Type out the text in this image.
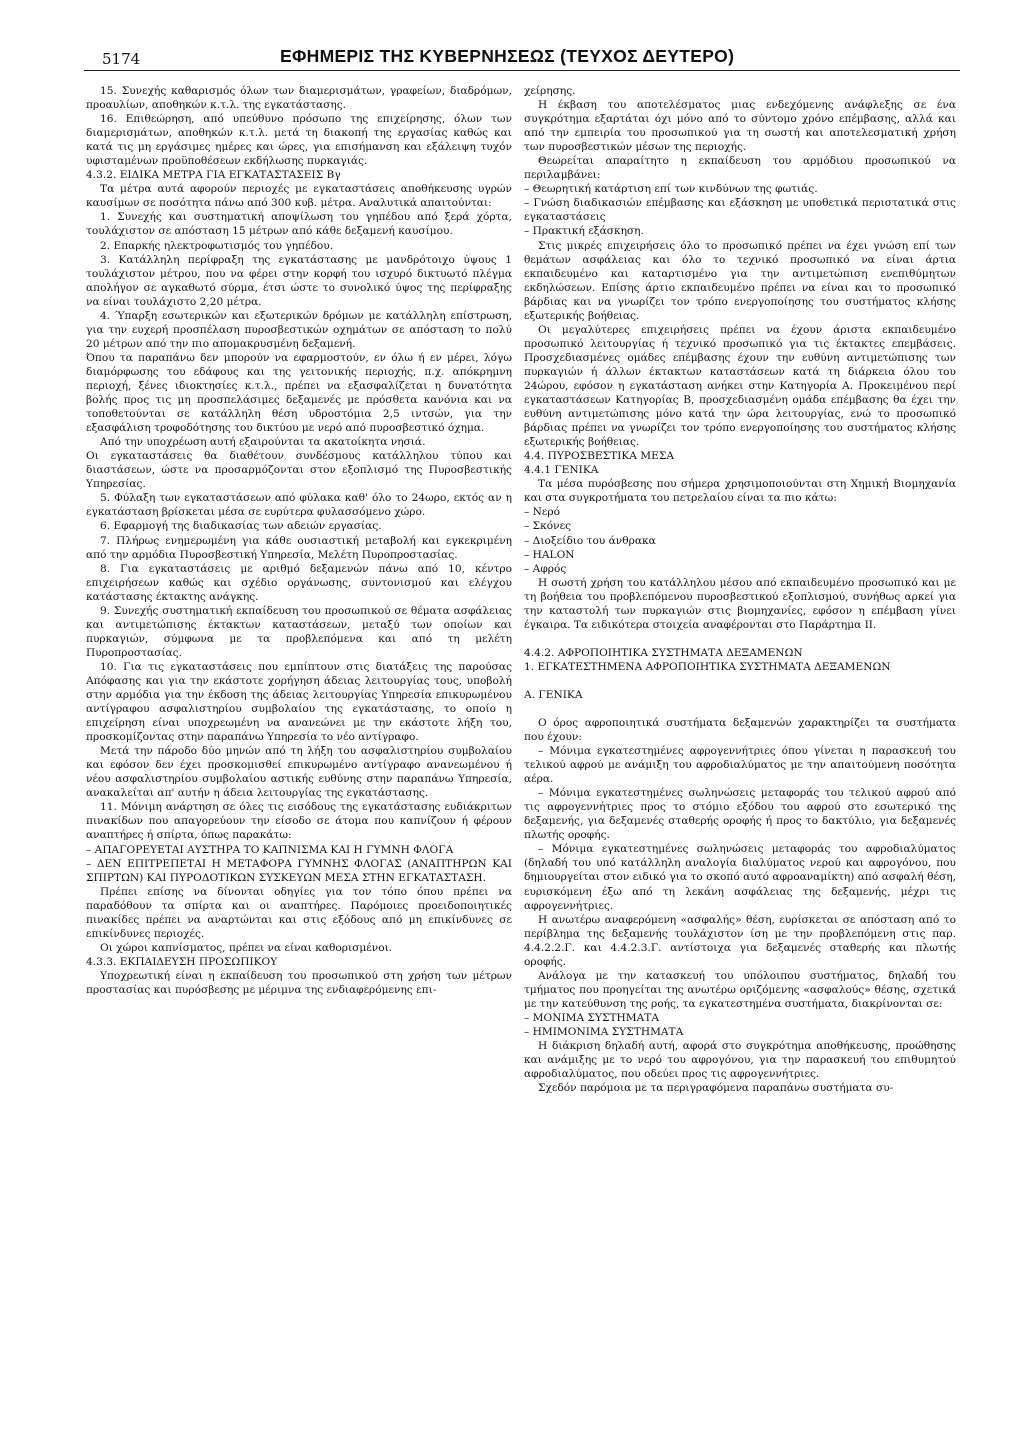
5174	ΕΦΗΜΕΡΙΣ ΤΗΣ ΚΥΒΕΡΝΗΣΕΩΣ (ΤΕΥΧΟΣ ΔΕΥΤΕΡΟ)

15. Συνεχής καθαρισμός όλων των διαμερισμάτων, γραφείων, διαδρόμων, προαυλίων, αποθηκών κ.τ.λ. της εγκατάστασης.

16. Επιθεώρηση, από υπεύθυνο πρόσωπο της επιχείρησης, όλων των διαμερισμάτων, αποθηκών κ.τ.λ. μετά τη διακοπή της εργασίας καθώς και κατά τις μη εργάσιμες ημέρες και ώρες, για επισήμανση και εξάλειψη τυχόν υφισταμένων προϋποθέσεων εκδήλωσης πυρκαγιάς.

4.3.2. ΕΙΔΙΚΑ ΜΕΤΡΑ ΓΙΑ ΕΓΚΑΤΑΣΤΑΣΕΙΣ Βγ

Τα μέτρα αυτά αφορούν περιοχές με εγκαταστάσεις αποθήκευσης υγρών καυσίμων σε ποσότητα πάνω από 300 κυβ. μέτρα. Αναλυτικά απαιτούνται:

1. Συνεχής και συστηματική αποψίλωση του γηπέδου από ξερά χόρτα, τουλάχιστον σε απόσταση 15 μέτρων από κάθε δεξαμενή καυσίμου.

2. Επαρκής ηλεκτροφωτισμός του γηπέδου.

3. Κατάλληλη περίφραξη της εγκατάστασης με μανδρότοιχο ύψους 1 τουλάχιστον μέτρου, που να φέρει στην κορφή του ισχυρό δικτυωτό πλέγμα απολήγον σε αγκαθωτό σύρμα, έτσι ώστε το συνολικό ύψος της περίφραξης να είναι τουλάχιστο 2,20 μέτρα.

4. Ύπαρξη εσωτερικών και εξωτερικών δρόμων με κατάλληλη επίστρωση, για την ευχερή προσπέλαση πυροσβεστικών οχημάτων σε απόσταση το πολύ 20 μέτρων από την πιο απομακρυσμένη δεξαμενή.

Όπου τα παραπάνω δεν μπορούν να εφαρμοστούν, εν όλω ή εν μέρει, λόγω διαμόρφωσης του εδάφους και της γειτονικής περιοχής, π.χ. απόκρημνη περιοχή, ξένες ιδιοκτησίες κ.τ.λ., πρέπει να εξασφαλίζεται η δυνατότητα βολής προς τις μη προσπελάσιμες δεξαμενές με πρόσθετα κανόνια και να τοποθετούνται σε κατάλληλη θέση υδροστόμια 2,5 ιντσών, για την εξασφάλιση τροφοδότησης του δικτύου με νερό από πυροσβεστικό όχημα.

Από την υποχρέωση αυτή εξαιρούνται τα ακατοίκητα νησιά.

Οι εγκαταστάσεις θα διαθέτουν συνδέσμους κατάλληλου τύπου και διαστάσεων, ώστε να προσαρμόζονται στον εξοπλισμό της Πυροσβεστικής Υπηρεσίας.

5. Φύλαξη των εγκαταστάσεων από φύλακα καθ' όλο το 24ωρο, εκτός αν η εγκατάσταση βρίσκεται μέσα σε ευρύτερα φυλασσόμενο χώρο.

6. Εφαρμογή της διαδικασίας των αδειών εργασίας.

7. Πλήρως ενημερωμένη για κάθε ουσιαστική μεταβολή και εγκεκριμένη από την αρμόδια Πυροσβεστική Υπηρεσία, Μελέτη Πυροπροστασίας.

8. Για εγκαταστάσεις με αριθμό δεξαμενών πάνω από 10, κέντρο επιχειρήσεων καθώς και σχέδιο οργάνωσης, συντονισμού και ελέγχου κατάστασης έκτακτης ανάγκης.

9. Συνεχής συστηματική εκπαίδευση του προσωπικού σε θέματα ασφάλειας και αντιμετώπισης έκτακτων καταστάσεων, μεταξύ των οποίων και πυρκαγιών, σύμφωνα με τα προβλεπόμενα και από τη μελέτη Πυροπροστασίας.

10. Για τις εγκαταστάσεις που εμπίπτουν στις διατάξεις της παρούσας Απόφασης και για την εκάστοτε χορήγηση άδειας λειτουργίας τους, υποβολή στην αρμόδια για την έκδοση της άδειας λειτουργίας Υπηρεσία επικυρωμένου αντίγραφου ασφαλιστηρίου συμβολαίου της εγκατάστασης, το οποίο η επιχείρηση είναι υποχρεωμένη να ανανεώνει με την εκάστοτε λήξη του, προσκομίζοντας στην παραπάνω Υπηρεσία το νέο αντίγραφο.

Μετά την πάροδο δύο μηνών από τη λήξη του ασφαλιστηρίου συμβολαίου και εφόσον δεν έχει προσκομισθεί επικυρωμένο αντίγραφο ανανεωμένου ή νέου ασφαλιστηρίου συμβολαίου αστικής ευθύνης στην παραπάνω Υπηρεσία, ανακαλείται απ' αυτήν η άδεια λειτουργίας της εγκατάστασης.

11. Μόνιμη ανάρτηση σε όλες τις εισόδους της εγκατάστασης ευδιάκριτων πινακίδων που απαγορεύουν την είσοδο σε άτομα που καπνίζουν ή φέρουν αναπτήρες ή σπίρτα, όπως παρακάτω:

– ΑΠΑΓΟΡΕΥΕΤΑΙ ΑΥΣΤΗΡΑ ΤΟ ΚΑΠΝΙΣΜΑ ΚΑΙ Η ΓΥΜΝΗ ΦΛΟΓΑ

– ΔΕΝ ΕΠΙΤΡΕΠΕΤΑΙ Η ΜΕΤΑΦΟΡΑ ΓΥΜΝΗΣ ΦΛΟΓΑΣ (ΑΝΑΠΤΗΡΩΝ ΚΑΙ ΣΠΙΡΤΩΝ) ΚΑΙ ΠΥΡΟΔΟΤΙΚΩΝ ΣΥΣΚΕΥΩΝ ΜΕΣΑ ΣΤΗΝ ΕΓΚΑΤΑΣΤΑΣΗ.

Πρέπει επίσης να δίνονται οδηγίες για τον τόπο όπου πρέπει να παραδόθουν τα σπίρτα και οι αναπτήρες. Παρόμοιες προειδοποιητικές πινακίδες πρέπει να αναρτώνται και στις εξόδους από μη επικίνδυνες σε επικίνδυνες περιοχές.

Οι χώροι καπνίσματος, πρέπει να είναι καθορισμένοι.

4.3.3. ΕΚΠΑΙΔΕΥΣΗ ΠΡΟΣΩΠΙΚΟΥ

Υποχρεωτική είναι η εκπαίδευση του προσωπικού στη χρήση των μέτρων προστασίας και πυρόσβεσης με μέριμνα της ενδιαφερόμενης επι-

χείρησης.

Η έκβαση του αποτελέσματος μιας ενδεχόμενης ανάφλεξης σε ένα συγκρότημα εξαρτάται όχι μόνο από το σύντομο χρόνο επέμβασης, αλλά και από την εμπειρία του προσωπικού για τη σωστή και αποτελεσματική χρήση των πυροσβεστικών μέσων της περιοχής.

Θεωρείται απαραίτητο η εκπαίδευση του αρμόδιου προσωπικού να περιλαμβάνει:

– Θεωρητική κατάρτιση επί των κινδύνων της φωτιάς.

– Γνώση διαδικασιών επέμβασης και εξάσκηση με υποθετικά περιστατικά στις εγκαταστάσεις

– Πρακτική εξάσκηση.

Στις μικρές επιχειρήσεις όλο το προσωπικό πρέπει να έχει γνώση επί των θεμάτων ασφάλειας και όλο το τεχνικό προσωπικό να είναι άρτια εκπαιδευμένο και καταρτισμένο για την αντιμετώπιση ενεπιθύμητων εκδηλώσεων. Επίσης άρτιο εκπαιδευμένο πρέπει να είναι και το προσωπικό βάρδιας και να γνωρίζει τον τρόπο ενεργοποίησης του συστήματος κλήσης εξωτερικής βοήθειας.

Οι μεγαλύτερες επιχειρήσεις πρέπει να έχουν άριστα εκπαιδευμένο προσωπικό λειτουργίας ή τεχνικό προσωπικό για τις έκτακτες επεμβάσεις. Προσχεδιασμένες ομάδες επέμβασης έχουν την ευθύνη αντιμετώπισης των πυρκαγιών ή άλλων έκτακτων καταστάσεων κατά τη διάρκεια όλου του 24ώρου, εφόσον η εγκατάσταση ανήκει στην Κατηγορία Α. Προκειμένου περί εγκαταστάσεων Κατηγορίας Β, προσχεδιασμένη ομάδα επέμβασης θα έχει την ευθύνη αντιμετώπισης μόνο κατά την ώρα λειτουργίας, ενώ το προσωπικό βάρδιας πρέπει να γνωρίζει τον τρόπο ενεργοποίησης του συστήματος κλήσης εξωτερικής βοήθειας.

4.4. ΠΥΡΟΣΒΕΣΤΙΚΑ ΜΕΣΑ

4.4.1 ΓΕΝΙΚΑ

Τα μέσα πυρόσβεσης που σήμερα χρησιμοποιούνται στη Χημική Βιομηχανία και στα συγκροτήματα του πετρελαίου είναι τα πιο κάτω:

– Νερό

– Σκόνες

– Διοξείδιο του άνθρακα

– HALON

– Αφρός

Η σωστή χρήση του κατάλληλου μέσου από εκπαιδευμένο προσωπικό και με τη βοήθεια του προβλεπόμενου πυροσβεστικού εξοπλισμού, συνήθως αρκεί για την καταστολή των πυρκαγιών στις βιομηχανίες, εφόσον η επέμβαση γίνει έγκαιρα. Τα ειδικότερα στοιχεία αναφέρονται στο Παράρτημα ΙΙ.

4.4.2. ΑΦΡΟΠΟΙΗΤΙΚΑ ΣΥΣΤΗΜΑΤΑ ΔΕΞΑΜΕΝΩΝ

1. ΕΓΚΑΤΕΣΤΗΜΕΝΑ ΑΦΡΟΠΟΙΗΤΙΚΑ ΣΥΣΤΗΜΑΤΑ ΔΕΞΑΜΕΝΩΝ

Α. ΓΕΝΙΚΑ

Ο όρος αφροποιητικά συστήματα δεξαμενών χαρακτηρίζει τα συστήματα που έχουν:

– Μόνιμα εγκατεστημένες αφρογεννήτριες όπου γίνεται η παρασκευή του τελικού αφρού με ανάμιξη του αφροδιαλύματος με την απαιτούμενη ποσότητα αέρα.

– Μόνιμα εγκατεστημένες σωληνώσεις μεταφοράς του τελικού αφρού από τις αφρογεννήτριες προς το στόμιο εξόδου του αφρού στο εσωτερικό της δεξαμενής, για δεξαμενές σταθερής οροφής ή προς το δακτύλιο, για δεξαμενές πλωτής οροφής.

– Μόνιμα εγκατεστημένες σωληνώσεις μεταφοράς του αφροδιαλύματος (δηλαδή του υπό κατάλληλη αναλογία διαλύματος νερού και αφρογόνου, που δημιουργείται στον ειδικό για το σκοπό αυτό αφροαναμίκτη) από ασφαλή θέση, ευρισκόμενη έξω από τη λεκάνη ασφάλειας της δεξαμενής, μέχρι τις αφρογεννήτριες.

Η ανωτέρω αναφερόμενη «ασφαλής» θέση, ευρίσκεται σε απόσταση από το περίβλημα της δεξαμενής τουλάχιστον ίση με την προβλεπόμενη στις παρ. 4.4.2.2.Γ. και 4.4.2.3.Γ. αντίστοιχα για δεξαμενές σταθερής και πλωτής οροφής.

Ανάλογα με την κατασκευή του υπόλοιπου συστήματος, δηλαδή του τμήματος που προηγείται της ανωτέρω οριζόμενης «ασφαλούς» θέσης, σχετικά με την κατεύθυνση της ροής, τα εγκατεστημένα συστήματα, διακρίνονται σε:

– ΜΟΝΙΜΑ ΣΥΣΤΗΜΑΤΑ

– ΗΜΙΜΟΝΙΜΑ ΣΥΣΤΗΜΑΤΑ

Η διάκριση δηλαδή αυτή, αφορά στο συγκρότημα αποθήκευσης, προώθησης και ανάμιξης με το νερό του αφρογόνου, για την παρασκευή του επιθυμητού αφροδιαλύματος, που οδεύει προς τις αφρογεννήτριες.

Σχεδόν παρόμοια με τα περιγραφόμενα παραπάνω συστήματα συ-
